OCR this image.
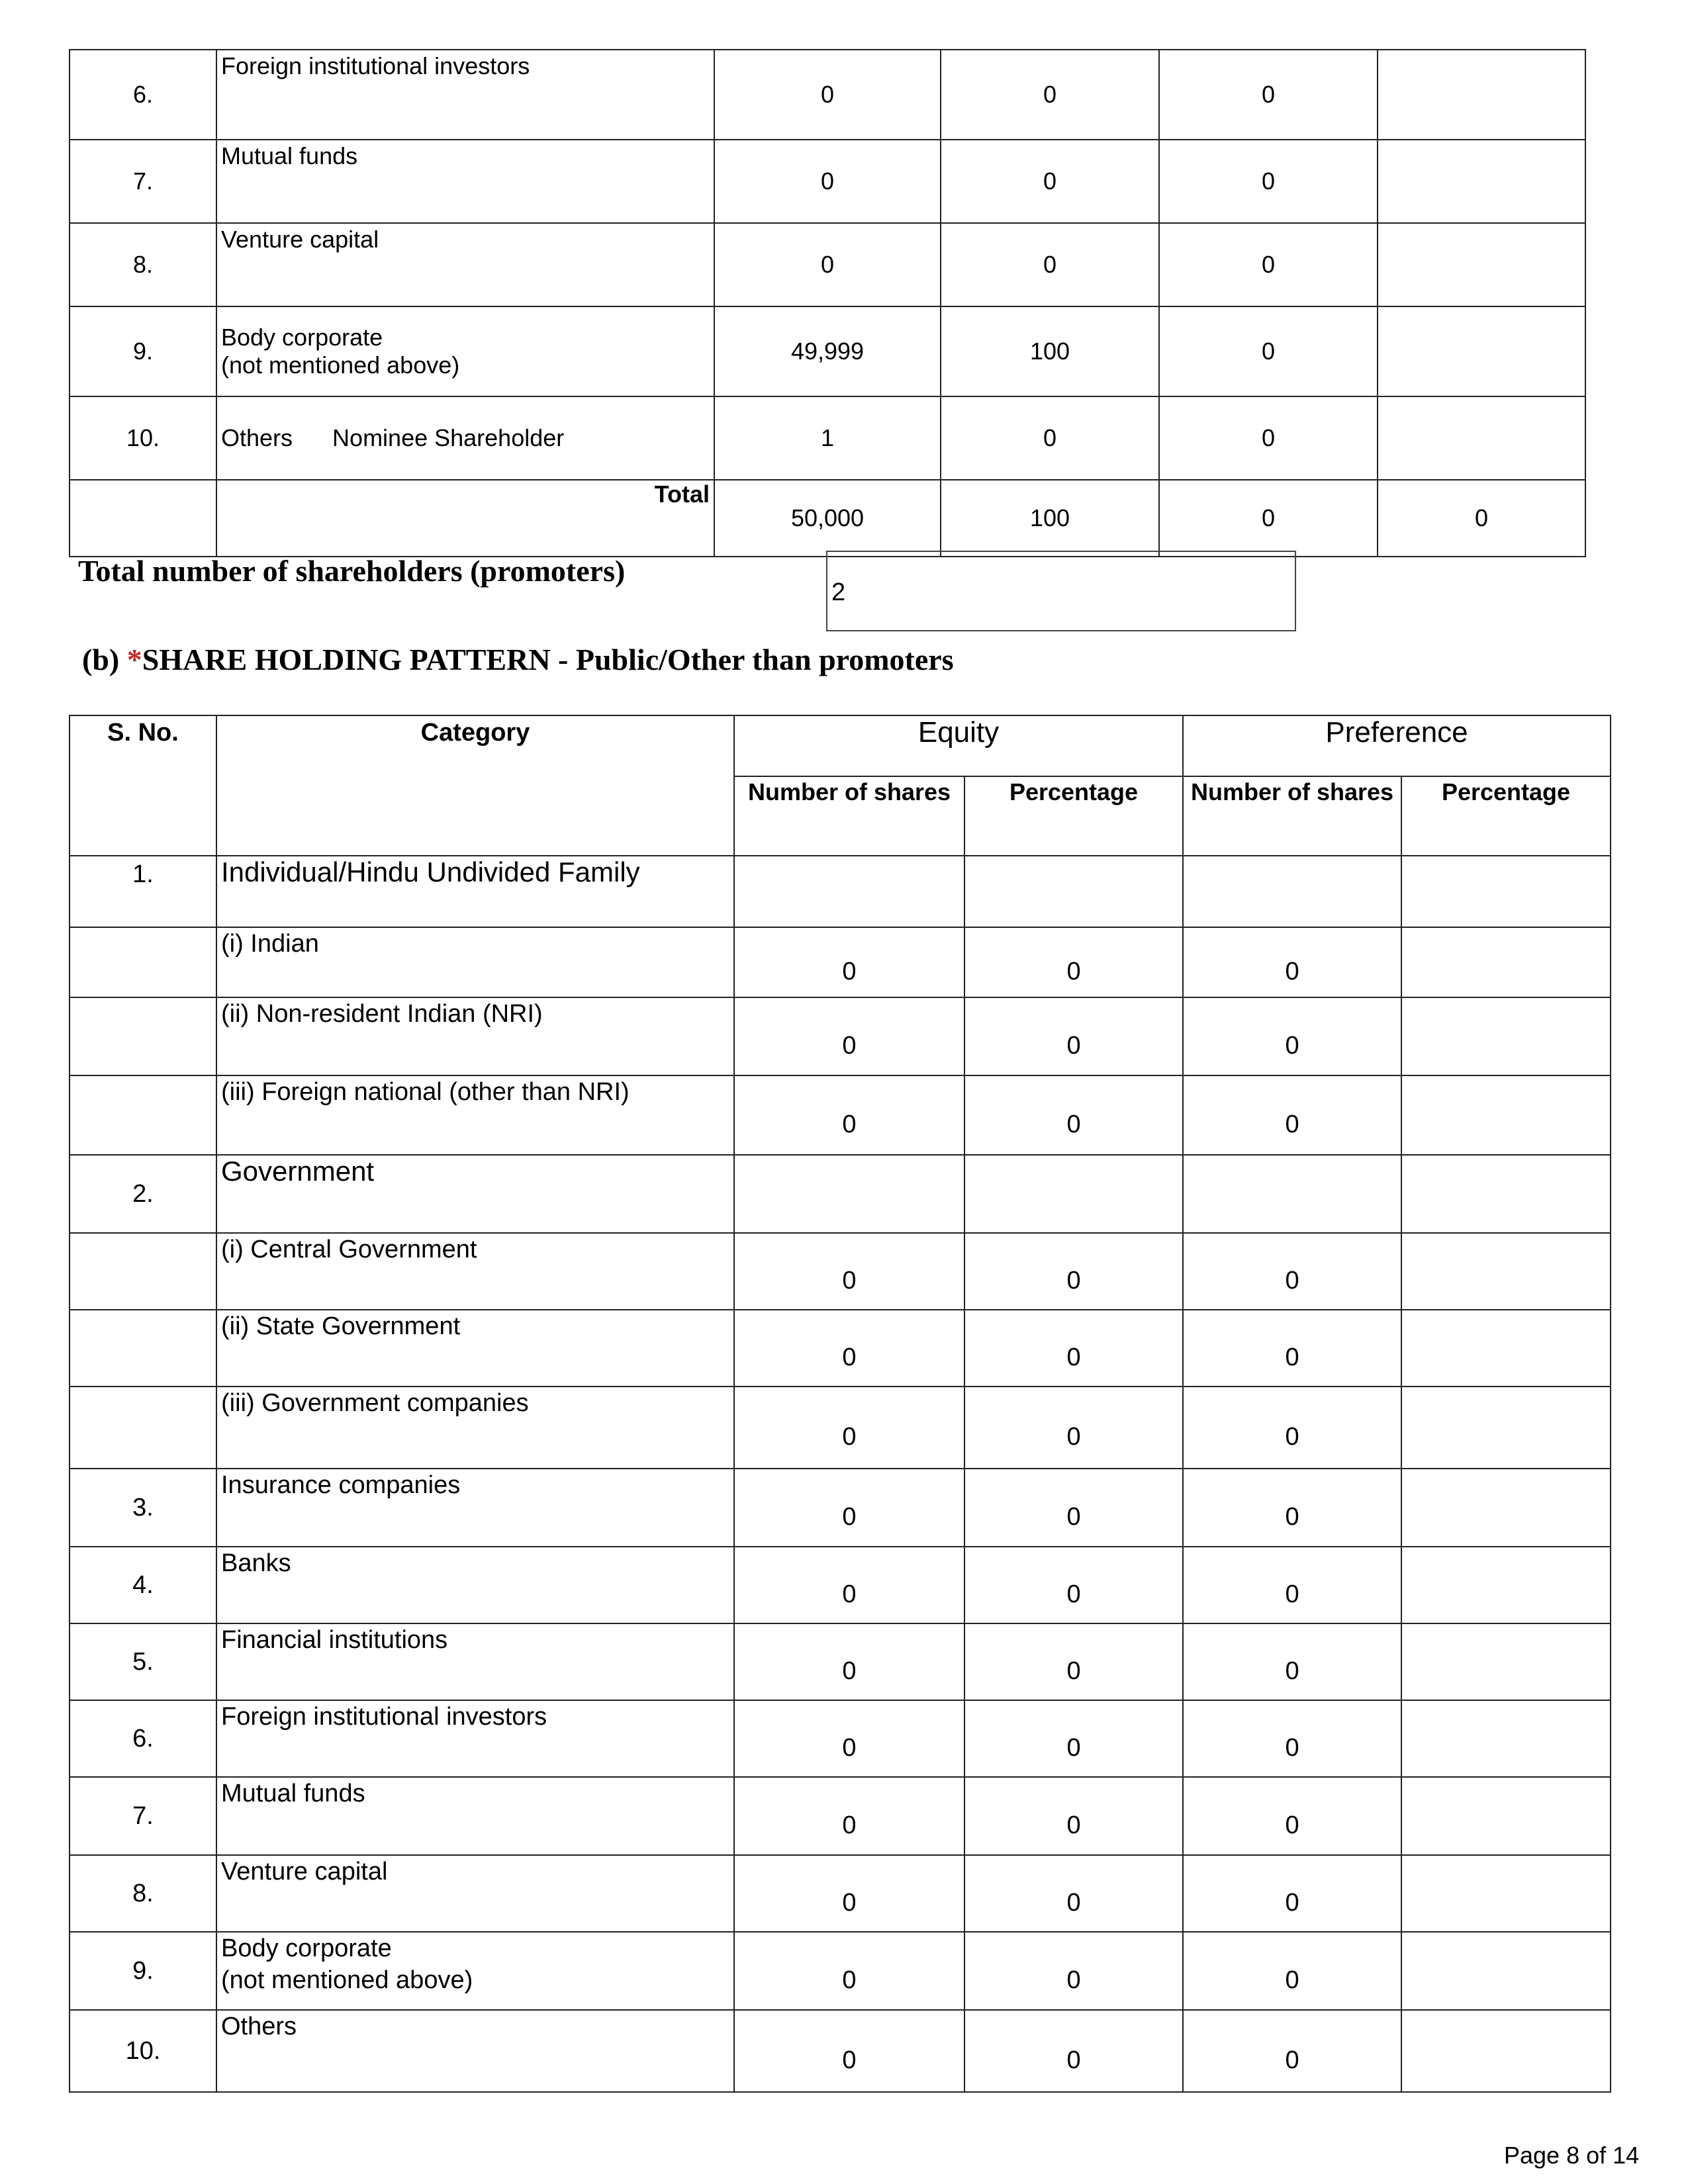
6.	Foreign institutional investors	0	0	0	
7.	Mutual funds	0	0	0	
8.	Venture capital	0	0	0	
9.	Body corporate
(not mentioned above)	49,999	100	0	
10.	Others Nominee Shareholder	1	0	0	
	Total	50,000	100	0	0
Total number of shareholders (promoters)
2
(b) *SHARE HOLDING PATTERN - Public/Other than promoters
S. No.	Category	Equity		Preference	
		Number of shares	Percentage	Number of shares	Percentage
1.	Individual/Hindu Undivided Family				
	(i) Indian	0	0	0	
	(ii) Non-resident Indian (NRI)	0	0	0	
	(iii) Foreign national (other than NRI)	0	0	0	
2.	Government				
	(i) Central Government	0	0	0	
	(ii) State Government	0	0	0	
	(iii) Government companies	0	0	0	
3.	Insurance companies	0	0	0	
4.	Banks	0	0	0	
5.	Financial institutions	0	0	0	
6.	Foreign institutional investors	0	0	0	
7.	Mutual funds	0	0	0	
8.	Venture capital	0	0	0	
9.	Body corporate
(not mentioned above)	0	0	0	
10.	Others	0	0	0	
Page 8 of 14
